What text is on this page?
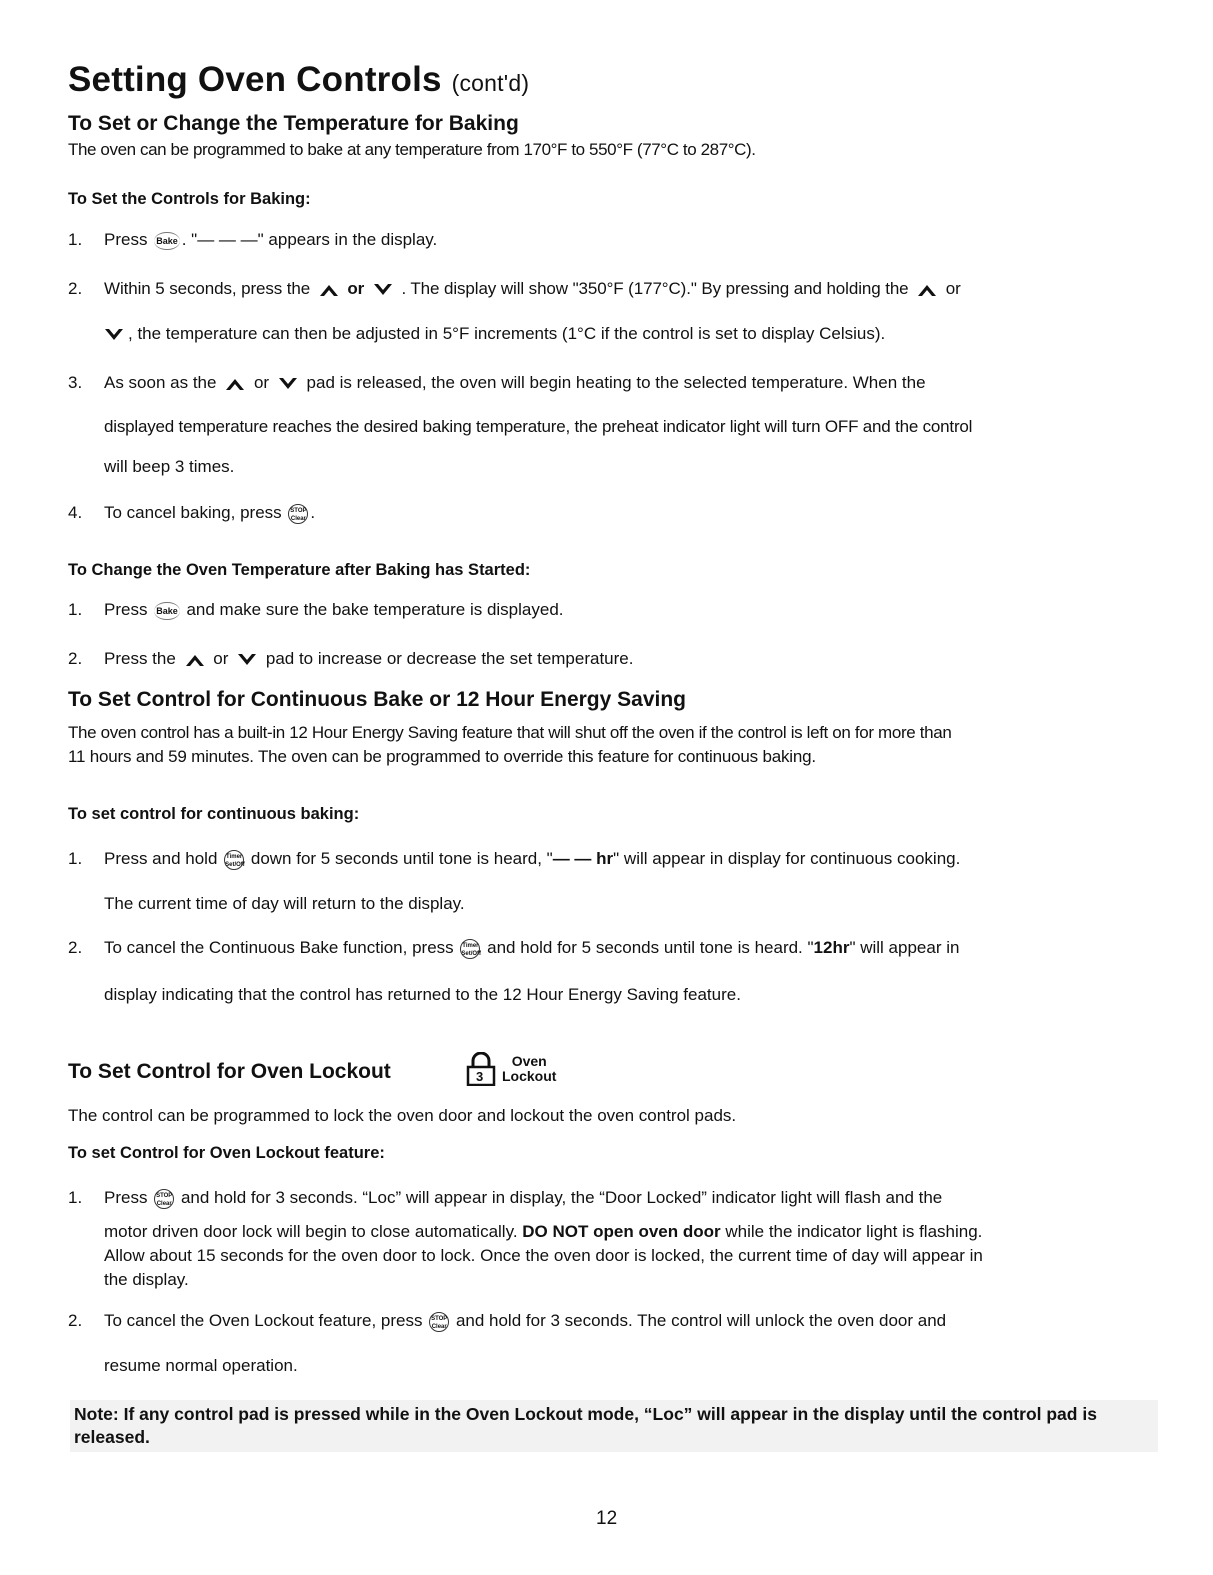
Setting Oven Controls (cont'd)
To Set or Change the Temperature for Baking
The oven can be programmed to bake at any temperature from 170°F to 550°F (77°C to 287°C).
To Set the Controls for Baking:
1. Press Bake . "— — —" appears in the display.
2. Within 5 seconds, press the or . The display will show "350°F (177°C)." By pressing and holding the or
, the temperature can then be adjusted in 5°F increments (1°C if the control is set to display Celsius).
3. As soon as the or pad is released, the oven will begin heating to the selected temperature. When the
displayed temperature reaches the desired baking temperature, the preheat indicator light will turn OFF and the control
will beep 3 times.
4. To cancel baking, press STOP
Clear .
To Change the Oven Temperature after Baking has Started:
1. Press Bake and make sure the bake temperature is displayed.
2. Press the or pad to increase or decrease the set temperature.
To Set Control for Continuous Bake or 12 Hour Energy Saving
The oven control has a built-in 12 Hour Energy Saving feature that will shut off the oven if the control is left on for more than
11 hours and 59 minutes. The oven can be programmed to override this feature for continuous baking.
To set control for continuous baking:
1. Press and hold Timer
Set/Off down for 5 seconds until tone is heard, "— — hr" will appear in display for continuous cooking.
The current time of day will return to the display.
2. To cancel the Continuous Bake function, press Timer
Set/Off and hold for 5 seconds until tone is heard. "12hr" will appear in
display indicating that the control has returned to the 12 Hour Energy Saving feature.
To Set Control for Oven Lockout	3
Oven
Lockout
The control can be programmed to lock the oven door and lockout the oven control pads.
To set Control for Oven Lockout feature:
1. Press STOP
Clear and hold for 3 seconds. “Loc” will appear in display, the “Door Locked” indicator light will flash and the
motor driven door lock will begin to close automatically. DO NOT open oven door while the indicator light is flashing.
Allow about 15 seconds for the oven door to lock. Once the oven door is locked, the current time of day will appear in
the display.
2. To cancel the Oven Lockout feature, press STOP
Clear and hold for 3 seconds. The control will unlock the oven door and
resume normal operation.
Note: If any control pad is pressed while in the Oven Lockout mode, “Loc” will appear in the display until the control pad is released.
12
